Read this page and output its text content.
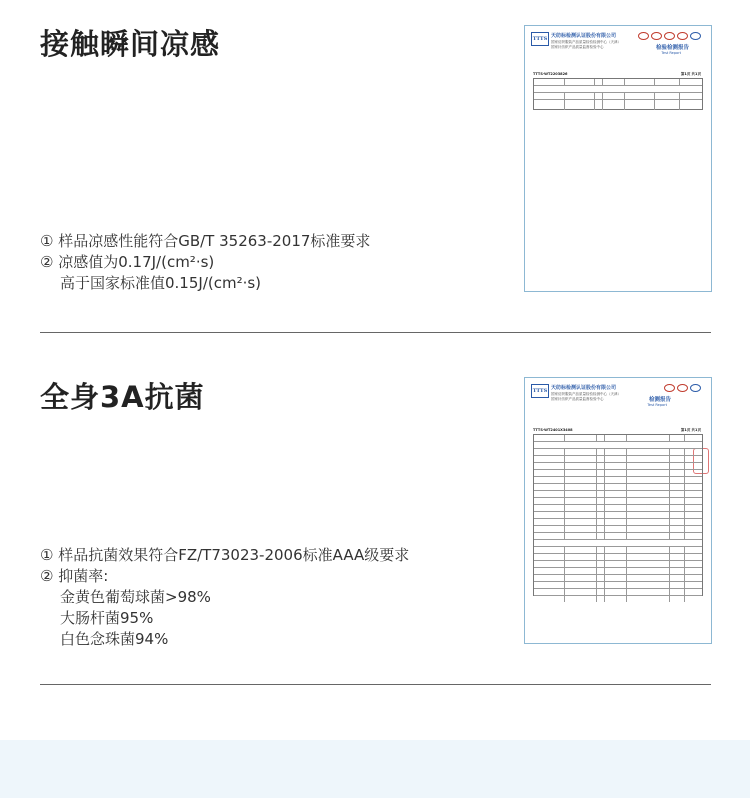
接触瞬间凉感	TTTS 天纺标检测认证股份有限公司
国家纺织服装产品质量检验检测中心（天津）
国家针纺织产品质量监督检验中心	检验检测报告
Test Report
TTTS-WT2203826	第1页 共1页
① 样品凉感性能符合GB/T 35263-2017标准要求
② 凉感值为0.17J/(cm²·s)
高于国家标准值0.15J/(cm²·s)
全身3A抗菌	TTTS 天纺标检测认证股份有限公司
国家纺织服装产品质量检验检测中心（天津）
国家针纺织产品质量监督检验中心	检测报告
Test Report
TTTS-WT2401X3408	第1页 共1页
① 样品抗菌效果符合FZ/T73023-2006标准AAA级要求
② 抑菌率:
金黄色葡萄球菌>98%
大肠杆菌95%
白色念珠菌94%
